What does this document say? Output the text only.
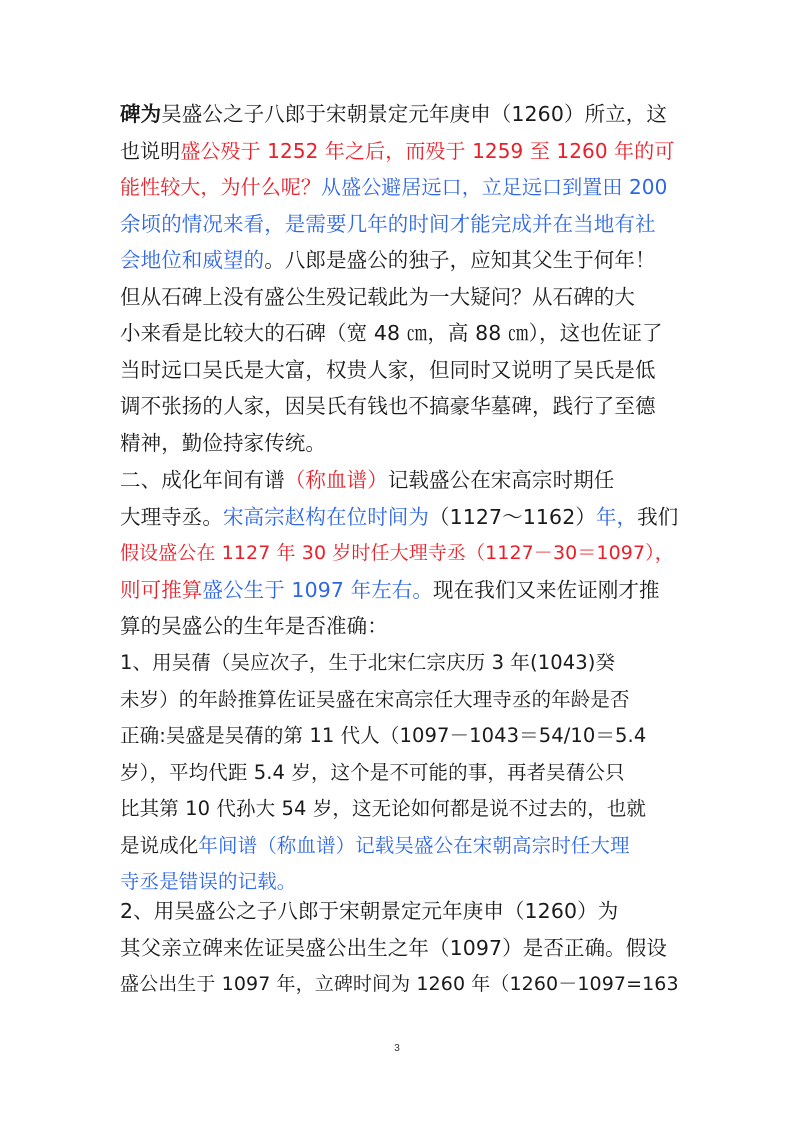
碑为吴盛公之子八郎于宋朝景定元年庚申（1260）所立，这
也说明盛公殁于 1252 年之后，而殁于 1259 至 1260 年的可
能性较大，为什么呢？从盛公避居远口，立足远口到置田 200
余顷的情况来看，是需要几年的时间才能完成并在当地有社
会地位和威望的。八郎是盛公的独子，应知其父生于何年！
但从石碑上没有盛公生殁记载此为一大疑问？从石碑的大
小来看是比较大的石碑（宽 48 ㎝，高 88 ㎝），这也佐证了
当时远口吴氏是大富，权贵人家，但同时又说明了吴氏是低
调不张扬的人家，因吴氏有钱也不搞豪华墓碑，践行了至德
精神，勤俭持家传统。
二、成化年间有谱（称血谱）记载盛公在宋高宗时期任
大理寺丞。宋高宗赵构在位时间为（1127～1162）年，我们
假设盛公在 1127 年 30 岁时任大理寺丞（1127－30＝1097），
则可推算盛公生于 1097 年左右。现在我们又来佐证刚才推
算的吴盛公的生年是否准确：
1、用吴蒨（吴应次子，生于北宋仁宗庆历 3 年(1043)癸
未岁）的年龄推算佐证吴盛在宋高宗任大理寺丞的年龄是否
正确:吴盛是吴蒨的第 11 代人（1097－1043＝54/10＝5.4
岁），平均代距 5.4 岁，这个是不可能的事，再者吴蒨公只
比其第 10 代孙大 54 岁，这无论如何都是说不过去的，也就
是说成化年间谱（称血谱）记载吴盛公在宋朝高宗时任大理
寺丞是错误的记载。
2、用吴盛公之子八郎于宋朝景定元年庚申（1260）为
其父亲立碑来佐证吴盛公出生之年（1097）是否正确。假设
盛公出生于 1097 年，立碑时间为 1260 年（1260－1097=163
3
